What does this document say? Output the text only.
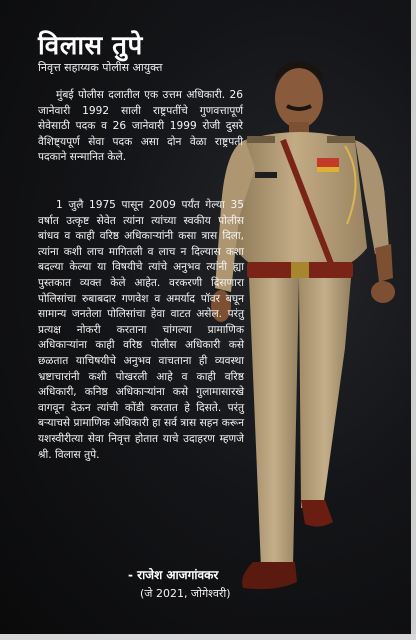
विलास तुपे
निवृत्त सहाय्यक पोलीस आयुक्त

मुंबई पोलीस दलातील एक उत्तम अधिकारी. 26 जानेवारी 1992 साली राष्ट्रपतींचे गुणवत्तापूर्ण सेवेसाठी पदक व 26 जानेवारी 1999 रोजी दुसरे वैशिष्ट्यपूर्ण सेवा पदक असा दोन वेळा राष्ट्रपती पदकाने सन्मानित केले.

1 जुलै 1975 पासून 2009 पर्यंत गेल्या 35 वर्षात उत्कृष्ट सेवेत त्यांना त्यांच्या स्वकीय पोलीस बांधव व काही वरिष्ठ अधिकाऱ्यांनी कसा त्रास दिला, त्यांना कशी लाच मागितली व लाच न दिल्यास कशा बदल्या केल्या या विषयीचे त्यांचे अनुभव त्यांनी ह्या पुस्तकात व्यक्त केले आहेत. वरकरणी दिसणारा पोलिसांचा रुबाबदार गणवेश व अमर्याद पॉवर बघून सामान्य जनतेला पोलिसांचा हेवा वाटत असेल. परंतु प्रत्यक्ष नोकरी करताना चांगल्या प्रामाणिक अधिकाऱ्यांना काही वरिष्ठ पोलीस अधिकारी कसे छळतात याचिषयीचे अनुभव वाचताना ही व्यवस्था भ्रष्टाचारांनी कशी पोखरली आहे व काही वरिष्ठ अधिकारी, कनिष्ठ अधिकाऱ्यांना कसे गुलामासारखे वागवून देऊन त्यांची कोंडी करतात हे दिसते. परंतु बऱ्याचसे प्रामाणिक अधिकारी हा सर्व त्रास सहन करून यशस्वीरीत्या सेवा निवृत्त होतात याचे उदाहरण म्हणजे श्री. विलास तुपे.

- राजेश आजगांवकर
(जे 2021, जोगेश्वरी)
